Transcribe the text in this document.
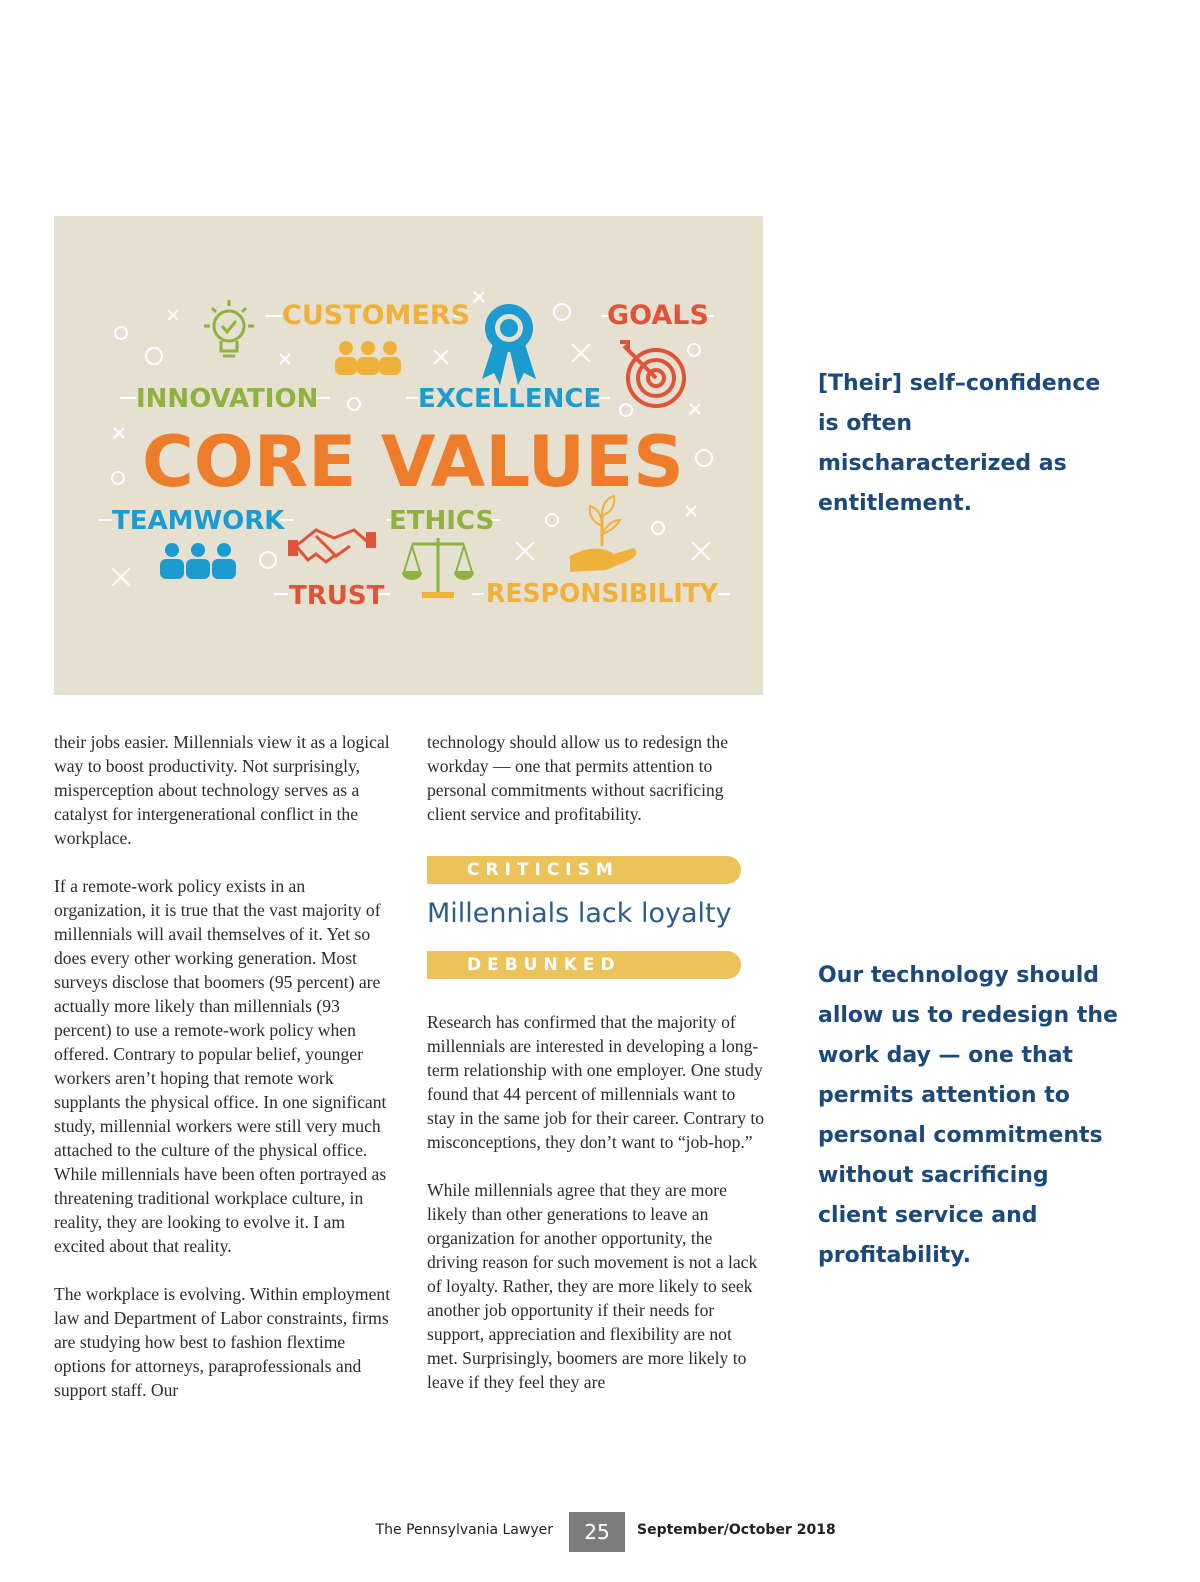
CUSTOMERS	GOALS
INNOVATION	EXCELLENCE
CORE VALUES
TEAMWORK	ETHICS
TRUST	RESPONSIBILITY

their jobs easier. Millennials view it as a logical way to boost productivity. Not surprisingly, misperception about technology serves as a catalyst for intergenerational conflict in the workplace.

If a remote-work policy exists in an organization, it is true that the vast majority of millennials will avail themselves of it. Yet so does every other working generation. Most surveys disclose that boomers (95 percent) are actually more likely than millennials (93 percent) to use a remote-work policy when offered. Contrary to popular belief, younger workers aren’t hoping that remote work supplants the physical office. In one significant study, millennial workers were still very much attached to the culture of the physical office. While millennials have been often portrayed as threatening traditional workplace culture, in reality, they are looking to evolve it. I am excited about that reality.

The workplace is evolving. Within employment law and Department of Labor constraints, firms are studying how best to fashion flextime options for attorneys, paraprofessionals and support staff. Our

technology should allow us to redesign the workday — one that permits attention to personal commitments without sacrificing client service and profitability.

Research has confirmed that the majority of millennials are interested in developing a long-term relationship with one employer. One study found that 44 percent of millennials want to stay in the same job for their career. Contrary to misconceptions, they don’t want to “job-hop.”

While millennials agree that they are more likely than other generations to leave an organization for another opportunity, the driving reason for such movement is not a lack of loyalty. Rather, they are more likely to seek another job opportunity if their needs for support, appreciation and flexibility are not met. Surprisingly, boomers are more likely to leave if they feel they are

CRITICISM
Millennials lack loyalty
DEBUNKED
[Their] self–confidence is often mischaracterized as entitlement.
Our technology should allow us to redesign the work day — one that permits attention to personal commitments without sacrificing client service and profitability.
The Pennsylvania Lawyer	25	September/October 2018
